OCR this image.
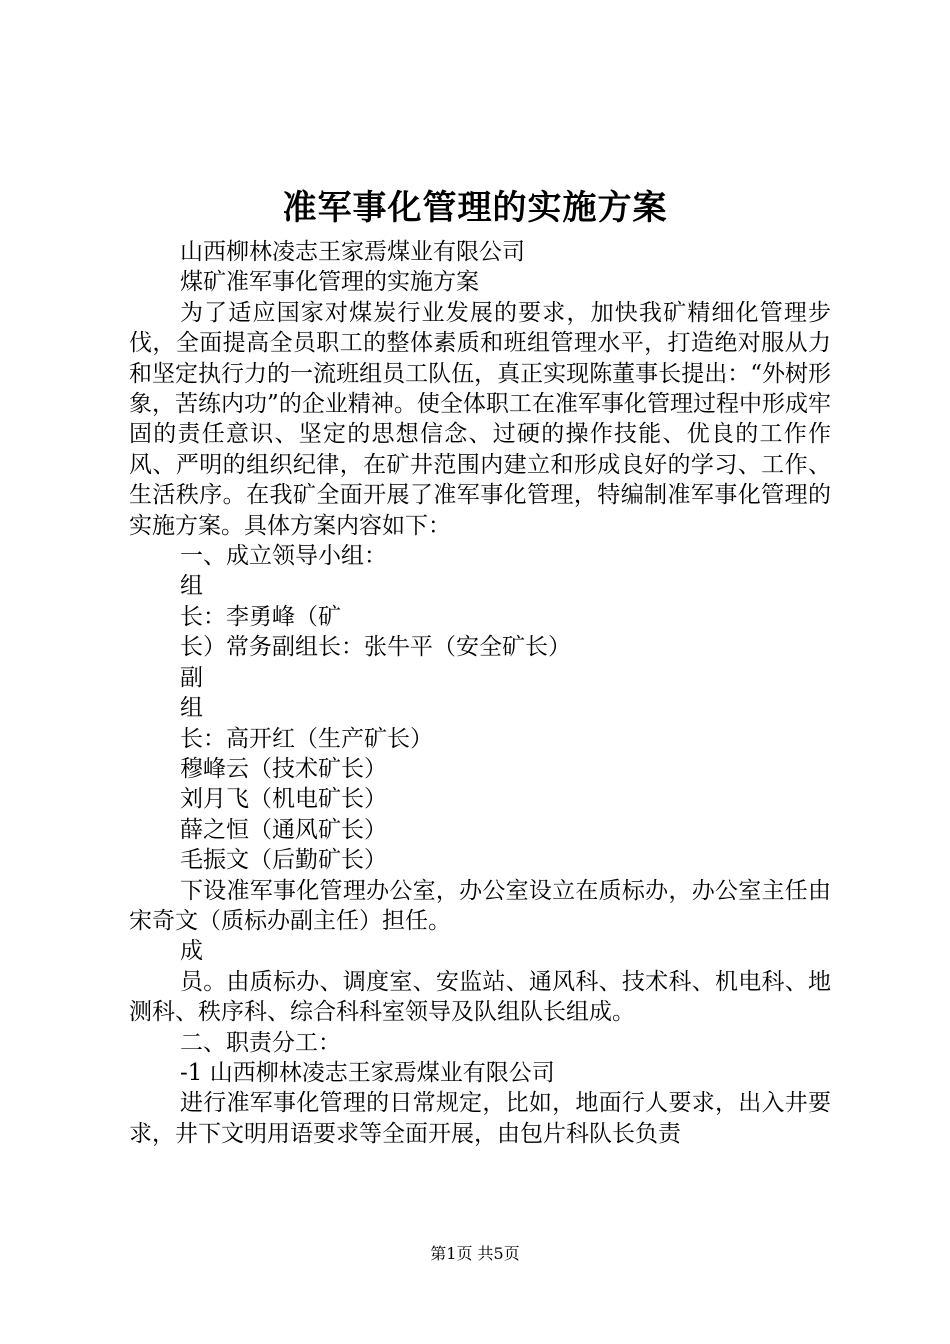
准军事化管理的实施方案

山西柳林凌志王家焉煤业有限公司

煤矿准军事化管理的实施方案

为了适应国家对煤炭行业发展的要求，加快我矿精细化管理步伐，全面提高全员职工的整体素质和班组管理水平，打造绝对服从力和坚定执行力的一流班组员工队伍，真正实现陈董事长提出：“外树形象，苦练内功”的企业精神。使全体职工在准军事化管理过程中形成牢固的责任意识、坚定的思想信念、过硬的操作技能、优良的工作作风、严明的组织纪律，在矿井范围内建立和形成良好的学习、工作、生活秩序。在我矿全面开展了准军事化管理，特编制准军事化管理的实施方案。具体方案内容如下：

一、成立领导小组：

组

长：李勇峰（矿

长）常务副组长：张牛平（安全矿长）

副

组

长：高开红（生产矿长）

穆峰云（技术矿长）

刘月飞（机电矿长）

薛之恒（通风矿长）

毛振文（后勤矿长）

下设准军事化管理办公室，办公室设立在质标办，办公室主任由宋奇文（质标办副主任）担任。

成

员。由质标办、调度室、安监站、通风科、技术科、机电科、地测科、秩序科、综合科科室领导及队组队长组成。

二、职责分工：

-1 山西柳林凌志王家焉煤业有限公司

进行准军事化管理的日常规定，比如，地面行人要求，出入井要求，井下文明用语要求等全面开展，由包片科队长负责

第1页 共5页
